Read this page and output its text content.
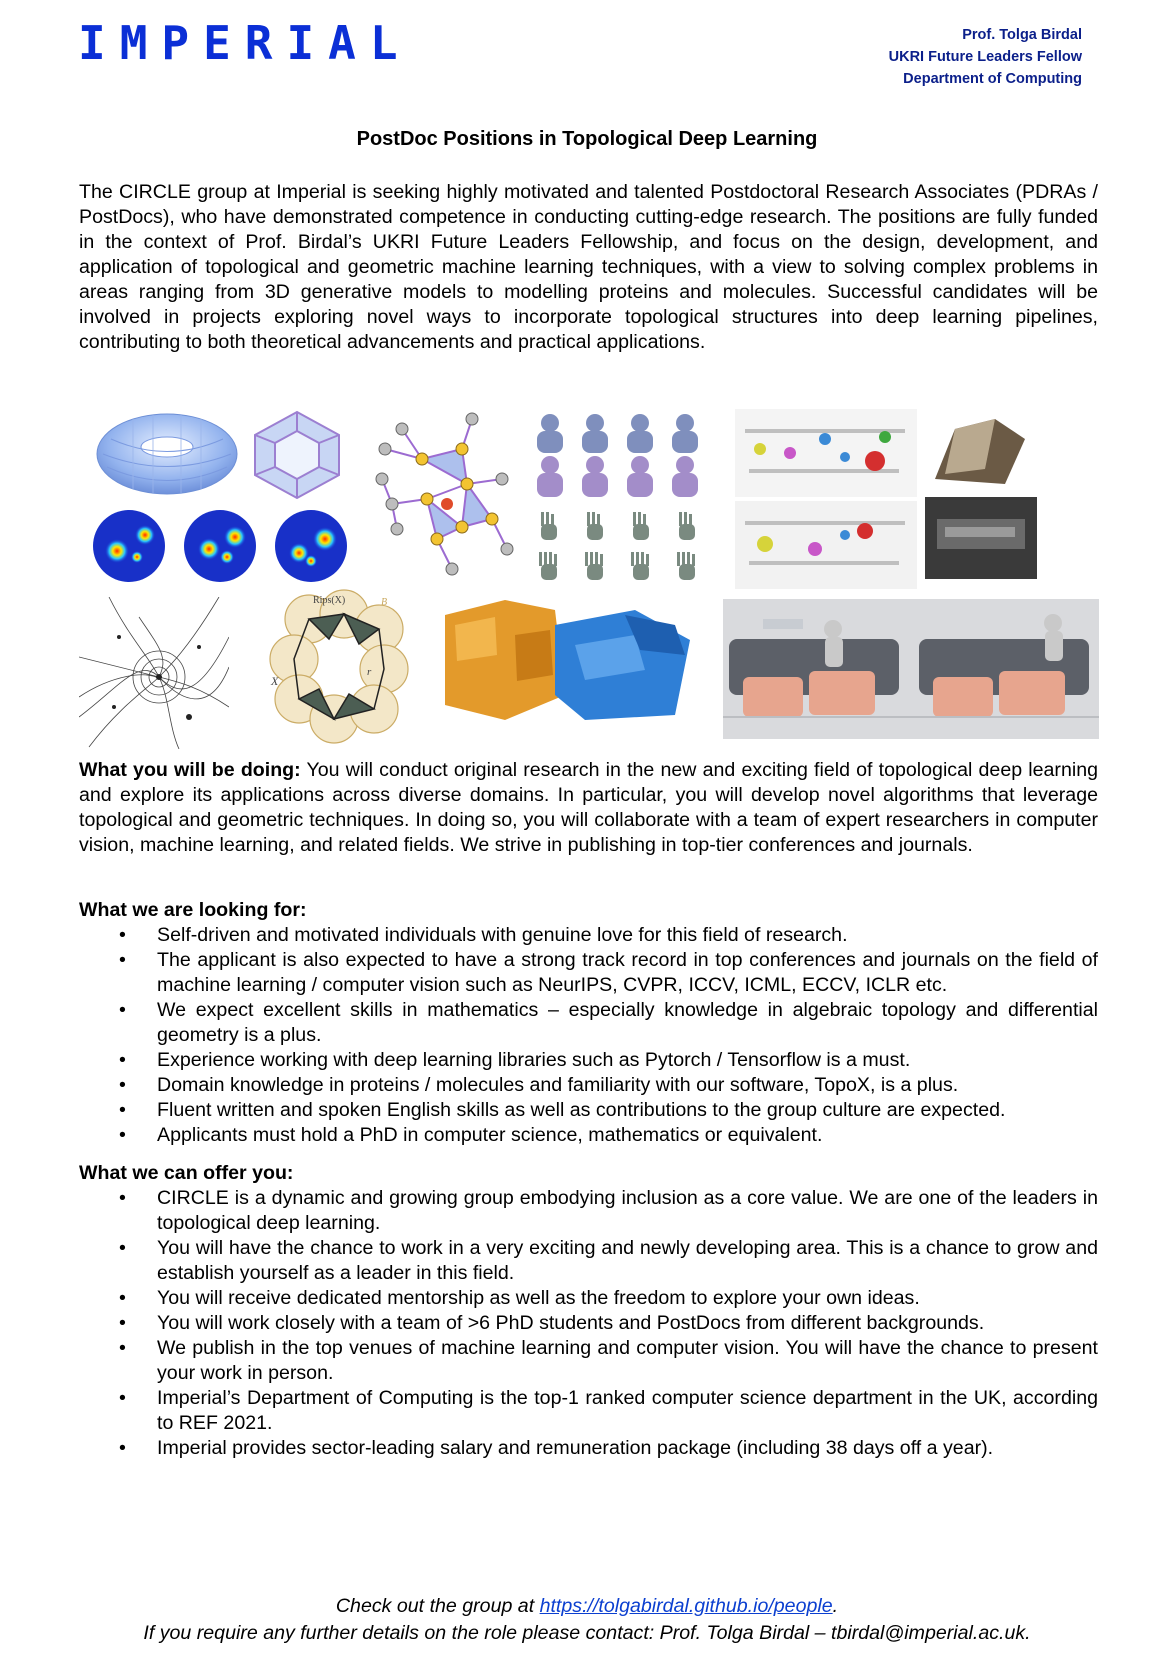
IMPERIAL	Prof. Tolga Birdal
UKRI Future Leaders Fellow
Department of Computing
PostDoc Positions in Topological Deep Learning
The CIRCLE group at Imperial is seeking highly motivated and talented Postdoctoral Research Associates (PDRAs / PostDocs), who have demonstrated competence in conducting cutting-edge research. The positions are fully funded in the context of Prof. Birdal’s UKRI Future Leaders Fellowship, and focus on the design, development, and application of topological and geometric machine learning techniques, with a view to solving complex problems in areas ranging from 3D generative models to modelling proteins and molecules. Successful candidates will be involved in projects exploring novel ways to incorporate topological structures into deep learning pipelines, contributing to both theoretical advancements and practical applications.
Rips(X)	B
X
r
What you will be doing: You will conduct original research in the new and exciting field of topological deep learning and explore its applications across diverse domains. In particular, you will develop novel algorithms that leverage topological and geometric techniques. In doing so, you will collaborate with a team of expert researchers in computer vision, machine learning, and related fields. We strive in publishing in top-tier conferences and journals.
What we are looking for:
• Self-driven and motivated individuals with genuine love for this field of research.
• The applicant is also expected to have a strong track record in top conferences and journals on the field of machine learning / computer vision such as NeurIPS, CVPR, ICCV, ICML, ECCV, ICLR etc.
• We expect excellent skills in mathematics – especially knowledge in algebraic topology and differential geometry is a plus.
• Experience working with deep learning libraries such as Pytorch / Tensorflow is a must.
• Domain knowledge in proteins / molecules and familiarity with our software, TopoX, is a plus.
• Fluent written and spoken English skills as well as contributions to the group culture are expected.
• Applicants must hold a PhD in computer science, mathematics or equivalent.
What we can offer you:
• CIRCLE is a dynamic and growing group embodying inclusion as a core value. We are one of the leaders in topological deep learning.
• You will have the chance to work in a very exciting and newly developing area. This is a chance to grow and establish yourself as a leader in this field.
• You will receive dedicated mentorship as well as the freedom to explore your own ideas.
• You will work closely with a team of >6 PhD students and PostDocs from different backgrounds.
• We publish in the top venues of machine learning and computer vision. You will have the chance to present your work in person.
• Imperial’s Department of Computing is the top-1 ranked computer science department in the UK, according to REF 2021.
• Imperial provides sector-leading salary and remuneration package (including 38 days off a year).
Check out the group at https://tolgabirdal.github.io/people.
If you require any further details on the role please contact: Prof. Tolga Birdal – tbirdal@imperial.ac.uk.
